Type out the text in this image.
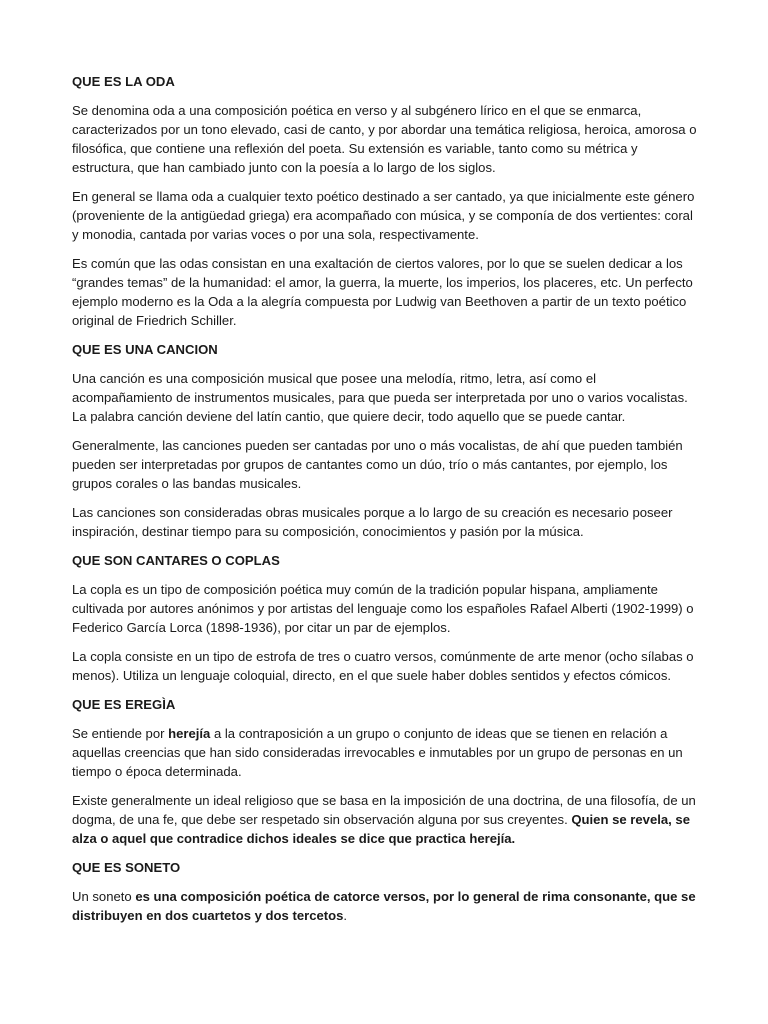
QUE ES LA ODA
Se denomina oda a una composición poética en verso y al subgénero lírico en el que se enmarca, caracterizados por un tono elevado, casi de canto, y por abordar una temática religiosa, heroica, amorosa o filosófica, que contiene una reflexión del poeta. Su extensión es variable, tanto como su métrica y estructura, que han cambiado junto con la poesía a lo largo de los siglos.
En general se llama oda a cualquier texto poético destinado a ser cantado, ya que inicialmente este género (proveniente de la antigüedad griega) era acompañado con música, y se componía de dos vertientes: coral y monodia, cantada por varias voces o por una sola, respectivamente.
Es común que las odas consistan en una exaltación de ciertos valores, por lo que se suelen dedicar a los “grandes temas” de la humanidad: el amor, la guerra, la muerte, los imperios, los placeres, etc. Un perfecto ejemplo moderno es la Oda a la alegría compuesta por Ludwig van Beethoven a partir de un texto poético original de Friedrich Schiller.
QUE ES UNA CANCION
Una canción es una composición musical que posee una melodía, ritmo, letra, así como el acompañamiento de instrumentos musicales, para que pueda ser interpretada por uno o varios vocalistas. La palabra canción deviene del latín cantio, que quiere decir, todo aquello que se puede cantar.
Generalmente, las canciones pueden ser cantadas por uno o más vocalistas, de ahí que pueden también pueden ser interpretadas por grupos de cantantes como un dúo, trío o más cantantes, por ejemplo, los grupos corales o las bandas musicales.
Las canciones son consideradas obras musicales porque a lo largo de su creación es necesario poseer inspiración, destinar tiempo para su composición, conocimientos y pasión por la música.
QUE SON CANTARES O COPLAS
La copla es un tipo de composición poética muy común de la tradición popular hispana, ampliamente cultivada por autores anónimos y por artistas del lenguaje como los españoles Rafael Alberti (1902-1999) o Federico García Lorca (1898-1936), por citar un par de ejemplos.
La copla consiste en un tipo de estrofa de tres o cuatro versos, comúnmente de arte menor (ocho sílabas o menos). Utiliza un lenguaje coloquial, directo, en el que suele haber dobles sentidos y efectos cómicos.
QUE ES EREGÌA
Se entiende por herejía a la contraposición a un grupo o conjunto de ideas que se tienen en relación a aquellas creencias que han sido consideradas irrevocables e inmutables por un grupo de personas en un tiempo o época determinada.
Existe generalmente un ideal religioso que se basa en la imposición de una doctrina, de una filosofía, de un dogma, de una fe, que debe ser respetado sin observación alguna por sus creyentes. Quien se revela, se alza o aquel que contradice dichos ideales se dice que practica herejía.
QUE ES SONETO
Un soneto es una composición poética de catorce versos, por lo general de rima consonante, que se distribuyen en dos cuartetos y dos tercetos.
